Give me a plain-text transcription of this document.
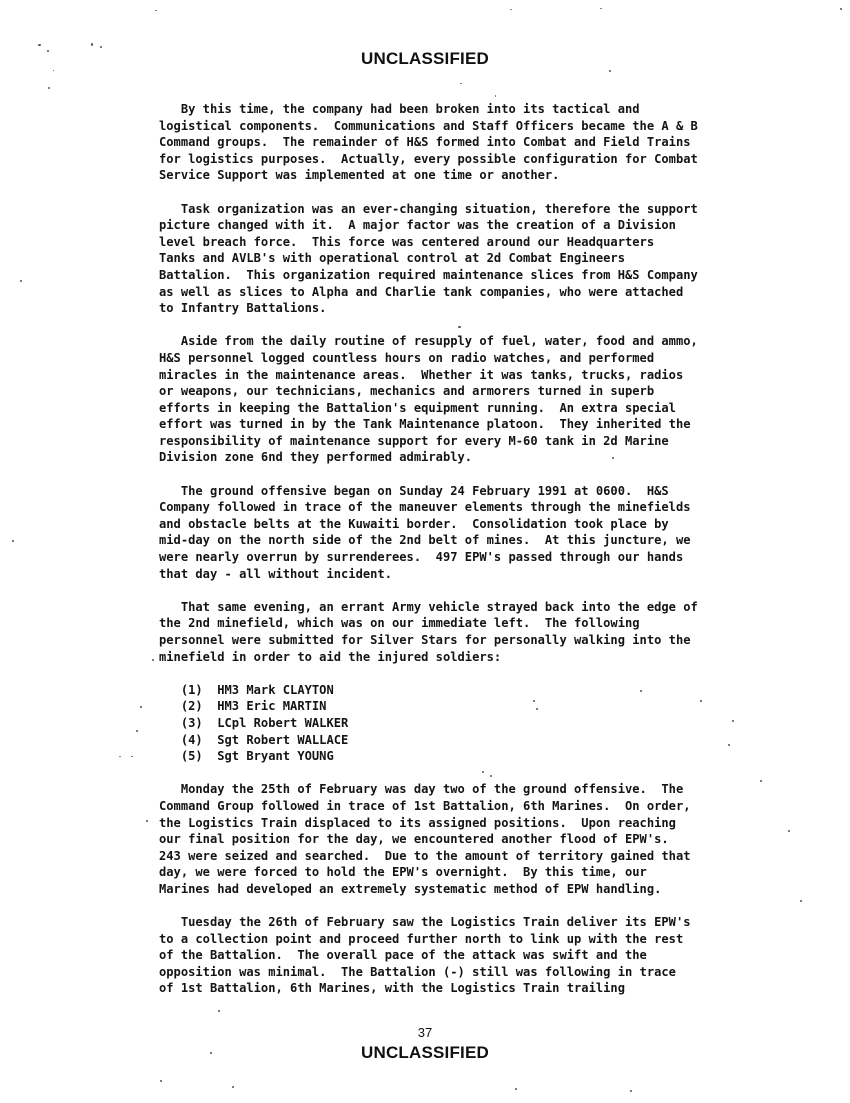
UNCLASSIFIED

By this time, the company had been broken into its tactical and
logistical components.  Communications and Staff Officers became the A & B
Command groups.  The remainder of H&S formed into Combat and Field Trains
for logistics purposes.  Actually, every possible configuration for Combat
Service Support was implemented at one time or another.

Task organization was an ever-changing situation, therefore the support
picture changed with it.  A major factor was the creation of a Division
level breach force.  This force was centered around our Headquarters
Tanks and AVLB's with operational control at 2d Combat Engineers
Battalion.  This organization required maintenance slices from H&S Company
as well as slices to Alpha and Charlie tank companies, who were attached
to Infantry Battalions.

Aside from the daily routine of resupply of fuel, water, food and ammo,
H&S personnel logged countless hours on radio watches, and performed
miracles in the maintenance areas.  Whether it was tanks, trucks, radios
or weapons, our technicians, mechanics and armorers turned in superb
efforts in keeping the Battalion's equipment running.  An extra special
effort was turned in by the Tank Maintenance platoon.  They inherited the
responsibility of maintenance support for every M-60 tank in 2d Marine
Division zone 6nd they performed admirably.

The ground offensive began on Sunday 24 February 1991 at 0600.  H&S
Company followed in trace of the maneuver elements through the minefields
and obstacle belts at the Kuwaiti border.  Consolidation took place by
mid-day on the north side of the 2nd belt of mines.  At this juncture, we
were nearly overrun by surrenderees.  497 EPW's passed through our hands
that day - all without incident.

That same evening, an errant Army vehicle strayed back into the edge of
the 2nd minefield, which was on our immediate left.  The following
personnel were submitted for Silver Stars for personally walking into the
minefield in order to aid the injured soldiers:

(1)  HM3 Mark CLAYTON
(2)  HM3 Eric MARTIN
(3)  LCpl Robert WALKER
(4)  Sgt Robert WALLACE
(5)  Sgt Bryant YOUNG

Monday the 25th of February was day two of the ground offensive.  The
Command Group followed in trace of 1st Battalion, 6th Marines.  On order,
the Logistics Train displaced to its assigned positions.  Upon reaching
our final position for the day, we encountered another flood of EPW's.
243 were seized and searched.  Due to the amount of territory gained that
day, we were forced to hold the EPW's overnight.  By this time, our
Marines had developed an extremely systematic method of EPW handling.

Tuesday the 26th of February saw the Logistics Train deliver its EPW's
to a collection point and proceed further north to link up with the rest
of the Battalion.  The overall pace of the attack was swift and the
opposition was minimal.  The Battalion (-) still was following in trace
of 1st Battalion, 6th Marines, with the Logistics Train trailing

37
UNCLASSIFIED
